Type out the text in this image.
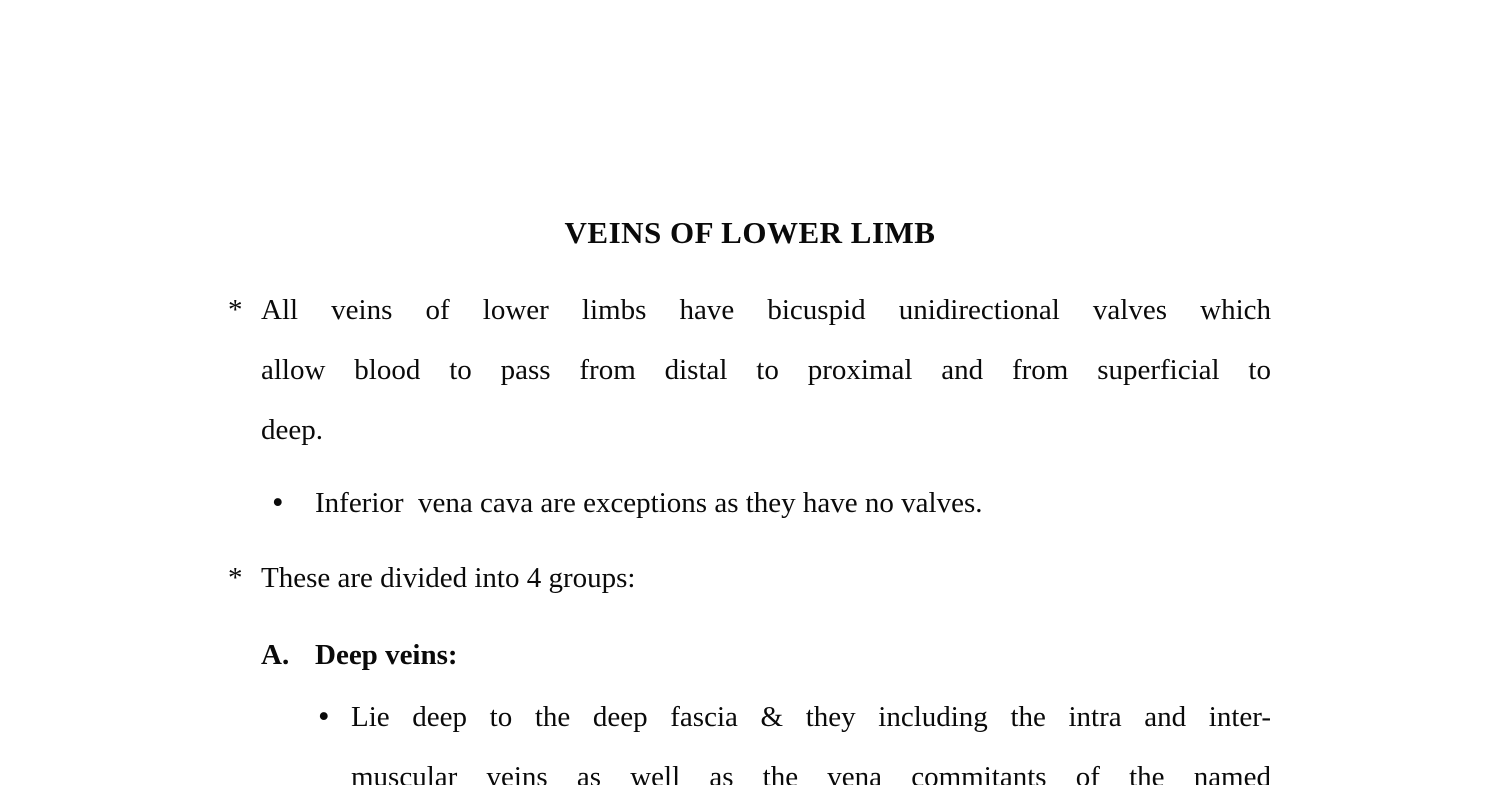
VEINS OF LOWER LIMB
* All veins of lower limbs have bicuspid unidirectional valves which
allow blood to pass from distal to proximal and from superficial to
deep.
• Inferior  vena cava are exceptions as they have no valves.
* These are divided into 4 groups:
A. Deep veins:
• Lie deep to the deep fascia & they including the intra and inter-
muscular veins as well as the vena commitants of the named
